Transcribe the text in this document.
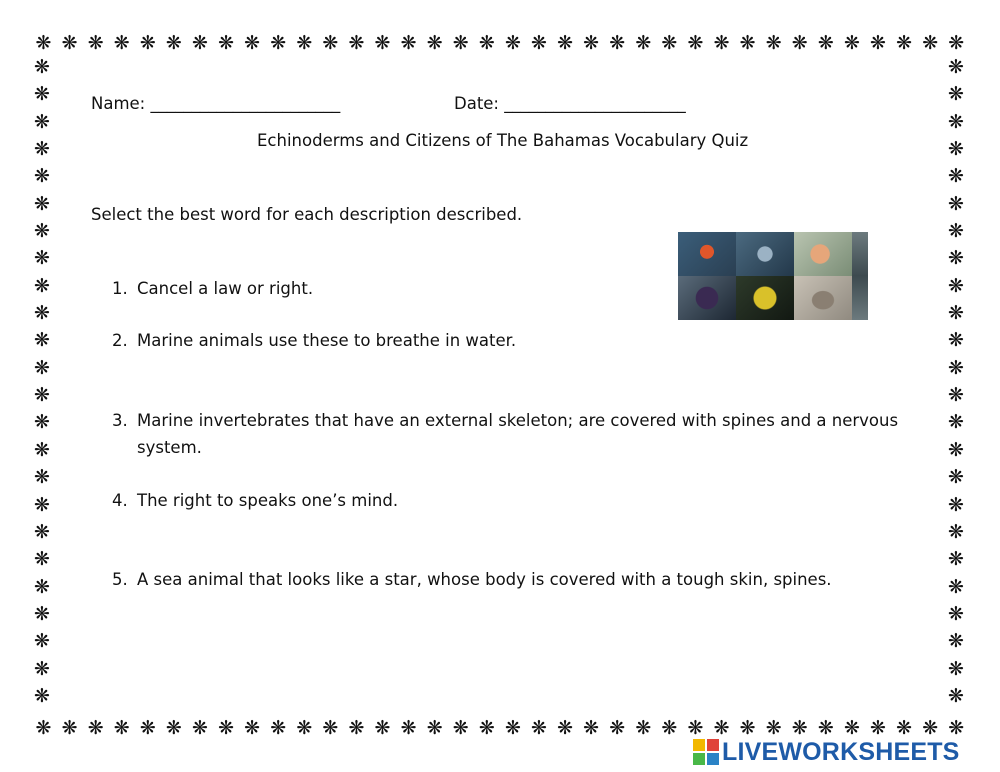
❋ ❋ ❋ ❋ ❋ ❋ ❋ ❋ ❋ ❋ ❋ ❋ ❋ ❋ ❋ ❋ ❋ ❋ ❋ ❋ ❋ ❋ ❋ ❋ ❋ ❋ ❋ ❋ ❋ ❋ ❋ ❋ ❋ ❋ ❋ ❋
❋ ❋ ❋ ❋ ❋ ❋ ❋ ❋ ❋ ❋ ❋ ❋ ❋ ❋ ❋ ❋ ❋ ❋ ❋ ❋ ❋ ❋ ❋ ❋ ❋ ❋ ❋ ❋ ❋ ❋ ❋ ❋ ❋ ❋ ❋ ❋
❋
❋
❋
❋
❋
❋
❋
❋
❋
❋
❋
❋
❋
❋
❋
❋
❋
❋
❋
❋
❋
❋
❋
❋
❋
❋
❋
❋
❋
❋
❋
❋
❋
❋
❋
❋
❋
❋
❋
❋
❋
❋
❋
❋
❋
❋
❋
❋
Name: _______________________	Date: ______________________
Echinoderms and Citizens of The Bahamas Vocabulary Quiz
Select the best word for each description described.
1. Cancel a law or right.
2. Marine animals use these to breathe in water.
3. Marine invertebrates that have an external skeleton; are covered with spines and a nervous system.
4. The right to speaks one’s mind.
5. A sea animal that looks like a star, whose body is covered with a tough skin, spines.
LIVEWORKSHEETS
